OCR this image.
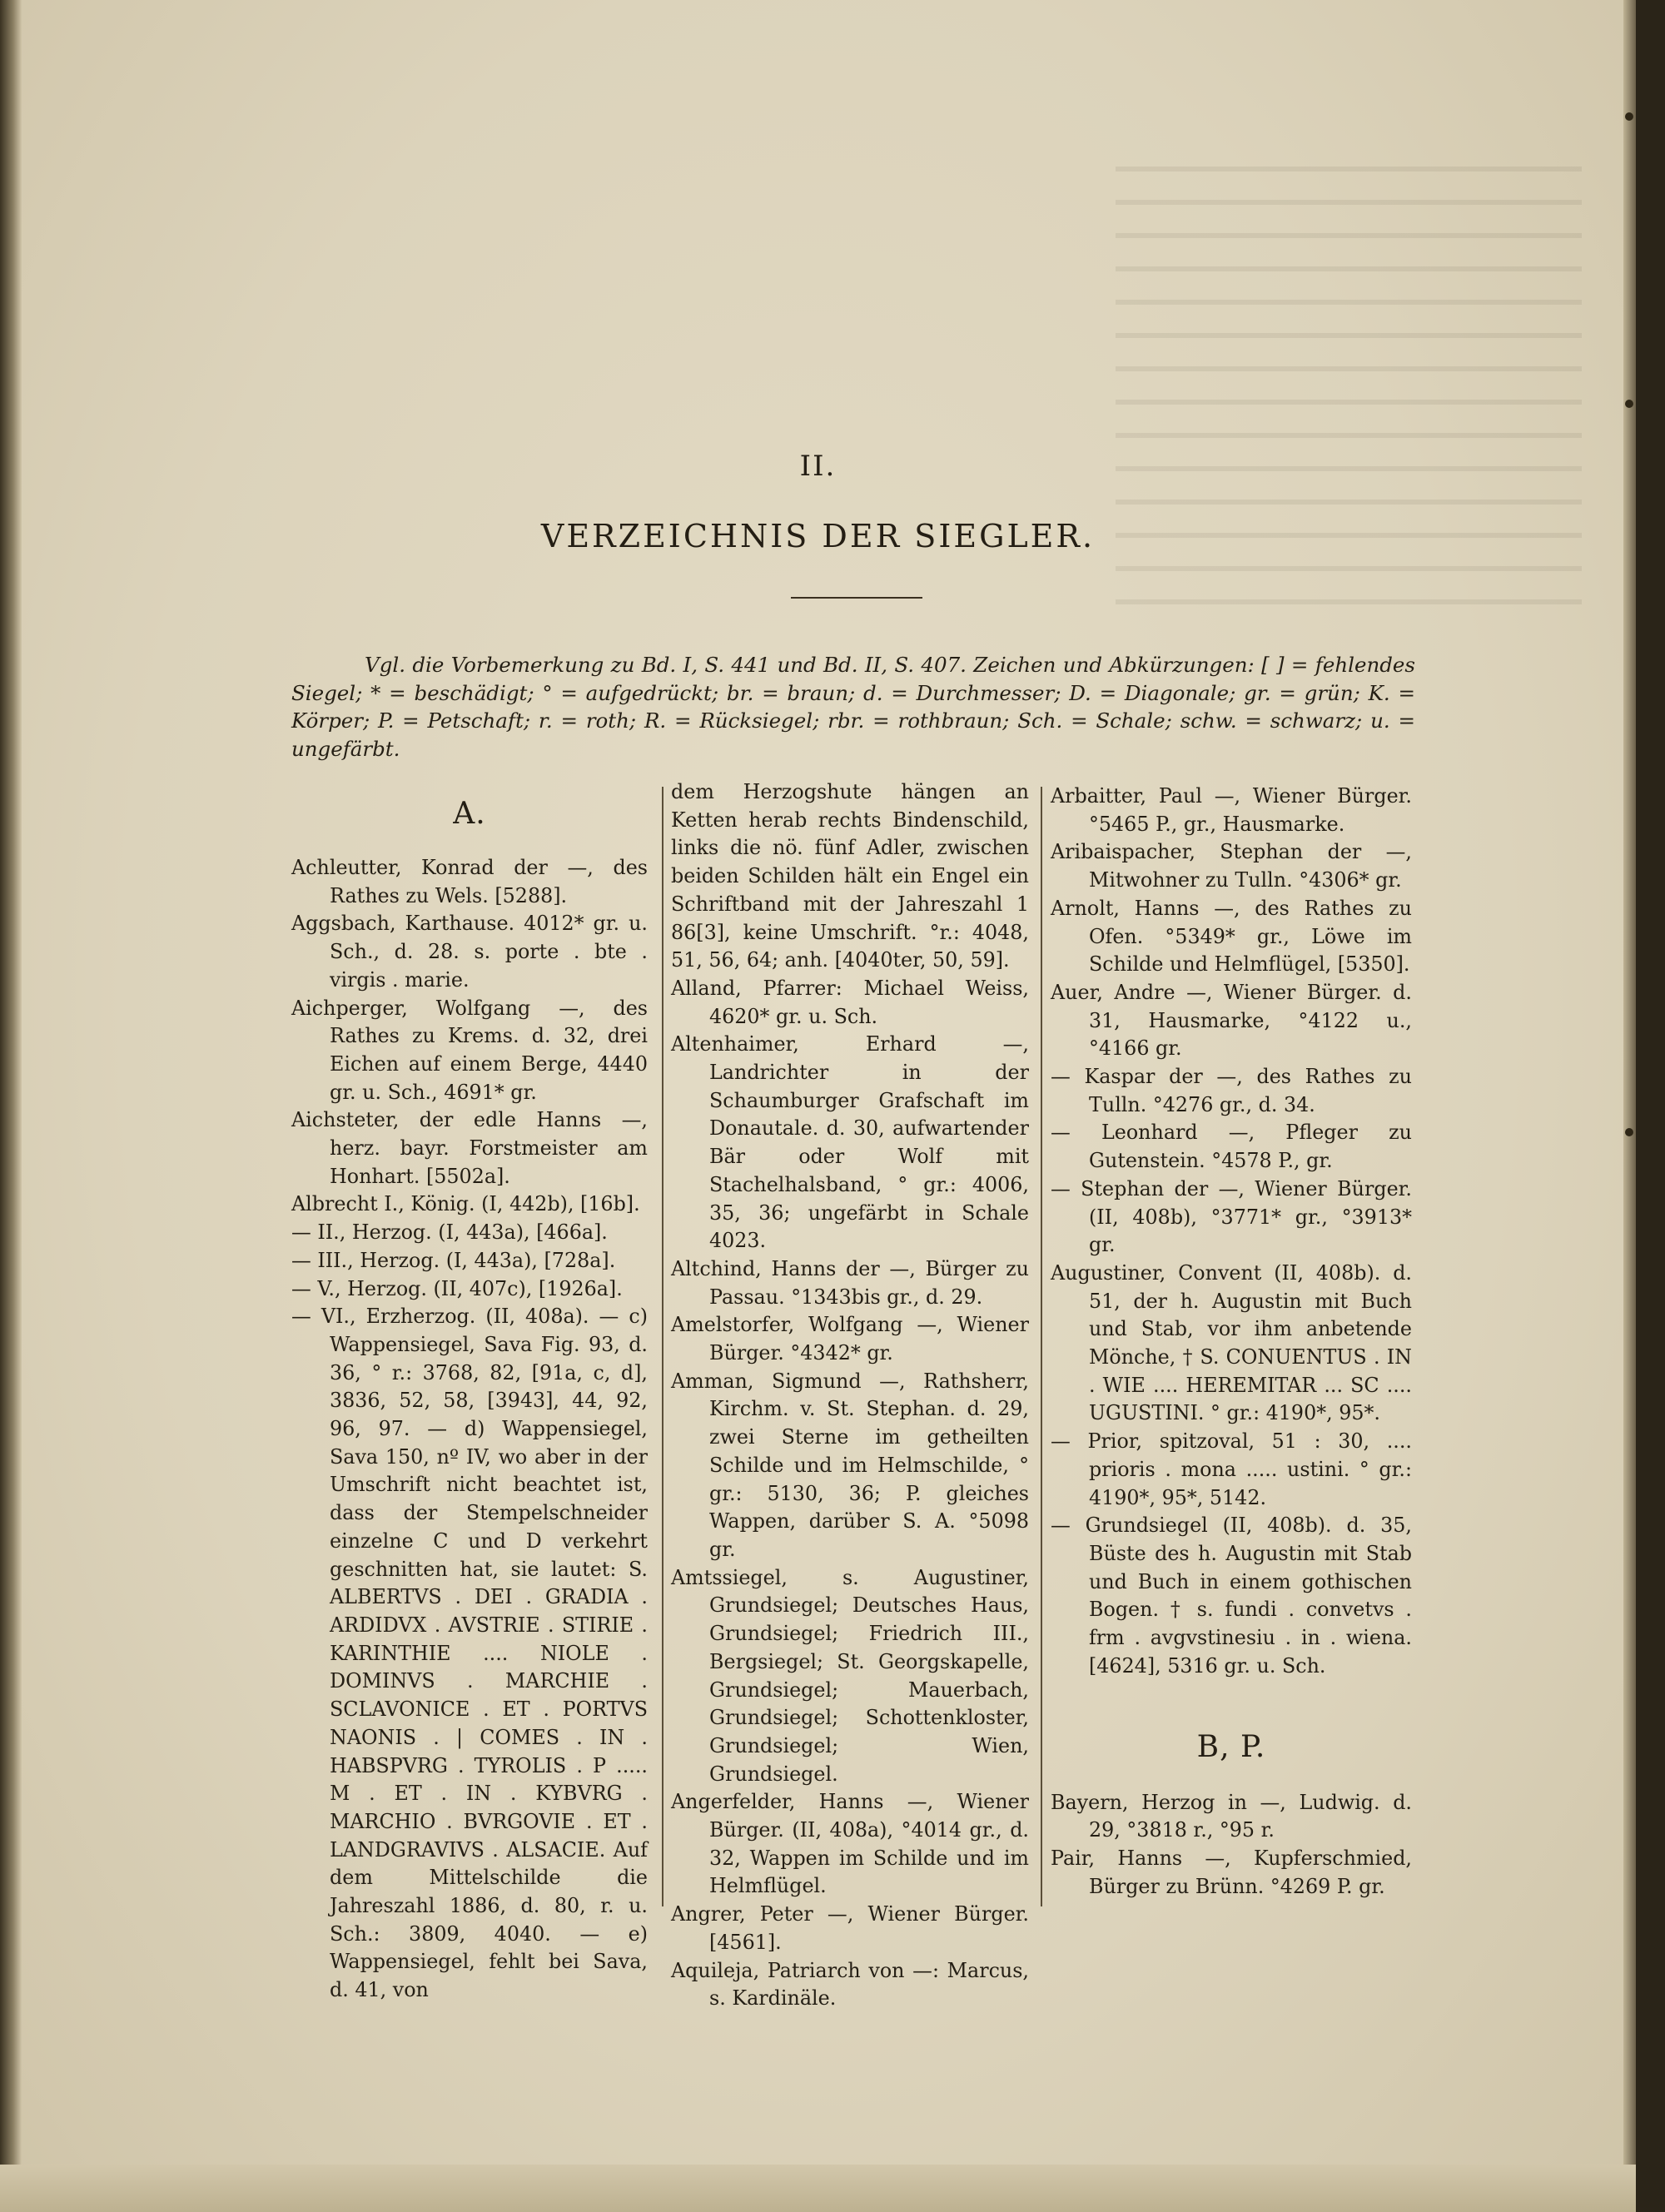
II.
VERZEICHNIS DER SIEGLER.
Vgl. die Vorbemerkung zu Bd. I, S. 441 und Bd. II, S. 407. Zeichen und Abkürzungen: [ ] = fehlendes Siegel; * = beschädigt; ° = aufgedrückt; br. = braun; d. = Durchmesser; D. = Diagonale; gr. = grün; K. = Körper; P. = Petschaft; r. = roth; R. = Rücksiegel; rbr. = rothbraun; Sch. = Schale; schw. = schwarz; u. = ungefärbt.

A.

Achleutter, Konrad der —, des Rathes zu Wels. [5288].

Aggsbach, Karthause. 4012* gr. u. Sch., d. 28. s. porte . bte . virgis . marie.

Aichperger, Wolfgang —, des Rathes zu Krems. d. 32, drei Eichen auf einem Berge, 4440 gr. u. Sch., 4691* gr.

Aichsteter, der edle Hanns —, herz. bayr. Forstmeister am Honhart. [5502a].

Albrecht I., König. (I, 442b), [16b].

— II., Herzog. (I, 443a), [466a].

— III., Herzog. (I, 443a), [728a].

— V., Herzog. (II, 407c), [1926a].

— VI., Erzherzog. (II, 408a). — c) Wappensiegel, Sava Fig. 93, d. 36, ° r.: 3768, 82, [91a, c, d], 3836, 52, 58, [3943], 44, 92, 96, 97. — d) Wappensiegel, Sava 150, nº IV, wo aber in der Umschrift nicht beachtet ist, dass der Stempelschneider einzelne C und D verkehrt geschnitten hat, sie lautet: S. ALBERTVS . DEI . GRADIA . ARDIDVX . AVSTRIE . STIRIE . KARINTHIE .... NIOLE . DOMINVS . MARCHIE . SCLAVONICE . ET . PORTVS NAONIS . | COMES . IN . HABSPVRG . TYROLIS . P ..... M . ET . IN . KYBVRG . MARCHIO . BVRGOVIE . ET . LANDGRAVIVS . ALSACIE. Auf dem Mittelschilde die Jahreszahl 1886, d. 80, r. u. Sch.: 3809, 4040. — e) Wappensiegel, fehlt bei Sava, d. 41, von

dem Herzogshute hängen an Ketten herab rechts Bindenschild, links die nö. fünf Adler, zwischen beiden Schilden hält ein Engel ein Schriftband mit der Jahreszahl 1 86[3], keine Umschrift. °r.: 4048, 51, 56, 64; anh. [4040ter, 50, 59].

Alland, Pfarrer: Michael Weiss, 4620* gr. u. Sch.

Altenhaimer, Erhard —, Landrichter in der Schaumburger Grafschaft im Donautale. d. 30, aufwartender Bär oder Wolf mit Stachelhalsband, ° gr.: 4006, 35, 36; ungefärbt in Schale 4023.

Altchind, Hanns der —, Bürger zu Passau. °1343bis gr., d. 29.

Amelstorfer, Wolfgang —, Wiener Bürger. °4342* gr.

Amman, Sigmund —, Rathsherr, Kirchm. v. St. Stephan. d. 29, zwei Sterne im getheilten Schilde und im Helmschilde, ° gr.: 5130, 36; P. gleiches Wappen, darüber S. A. °5098 gr.

Amtssiegel, s. Augustiner, Grundsiegel; Deutsches Haus, Grundsiegel; Friedrich III., Bergsiegel; St. Georgskapelle, Grundsiegel; Mauerbach, Grundsiegel; Schottenkloster, Grundsiegel; Wien, Grundsiegel.

Angerfelder, Hanns —, Wiener Bürger. (II, 408a), °4014 gr., d. 32, Wappen im Schilde und im Helmflügel.

Angrer, Peter —, Wiener Bürger. [4561].

Aquileja, Patriarch von —: Marcus, s. Kardinäle.

Arbaitter, Paul —, Wiener Bürger. °5465 P., gr., Hausmarke.

Aribaispacher, Stephan der —, Mitwohner zu Tulln. °4306* gr.

Arnolt, Hanns —, des Rathes zu Ofen. °5349* gr., Löwe im Schilde und Helmflügel, [5350].

Auer, Andre —, Wiener Bürger. d. 31, Hausmarke, °4122 u., °4166 gr.

— Kaspar der —, des Rathes zu Tulln. °4276 gr., d. 34.

— Leonhard —, Pfleger zu Gutenstein. °4578 P., gr.

— Stephan der —, Wiener Bürger. (II, 408b), °3771* gr., °3913* gr.

Augustiner, Convent (II, 408b). d. 51, der h. Augustin mit Buch und Stab, vor ihm anbetende Mönche, † S. CONUENTUS . IN . WIE .... HEREMITAR ... SC .... UGUSTINI. ° gr.: 4190*, 95*.

— Prior, spitzoval, 51 : 30, .... prioris . mona ..... ustini. ° gr.: 4190*, 95*, 5142.

— Grundsiegel (II, 408b). d. 35, Büste des h. Augustin mit Stab und Buch in einem gothischen Bogen. † s. fundi . convetvs . frm . avgvstinesiu . in . wiena. [4624], 5316 gr. u. Sch.

B, P.

Bayern, Herzog in —, Ludwig. d. 29, °3818 r., °95 r.

Pair, Hanns —, Kupferschmied, Bürger zu Brünn. °4269 P. gr.
